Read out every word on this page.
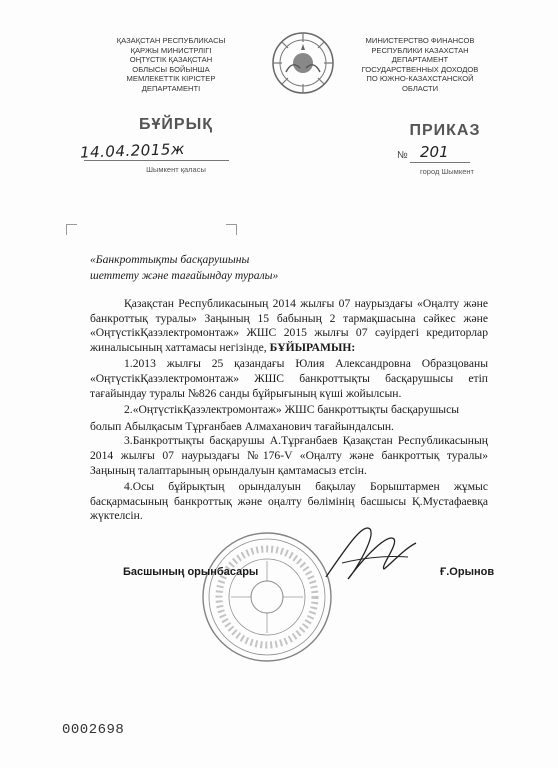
ҚАЗАҚСТАН РЕСПУБЛИКАСЫ
ҚАРЖЫ МИНИСТРЛІГІ
ОҢТҮСТІК ҚАЗАҚСТАН
ОБЛЫСЫ БОЙЫНША
МЕМЛЕКЕТТІК КІРІСТЕР
ДЕПАРТАМЕНТІ
МИНИСТЕРСТВО ФИНАНСОВ
РЕСПУБЛИКИ КАЗАХСТАН
ДЕПАРТАМЕНТ
ГОСУДАРСТВЕННЫХ ДОХОДОВ
ПО ЮЖНО-КАЗАХСТАНСКОЙ
ОБЛАСТИ
БҰЙРЫҚ	ПРИКАЗ
14.04.2015ж	№ 201
Шымкент қаласы	город Шымкент
«Банкроттықты басқарушыны
шеттету және тағайындау туралы»

Қазақстан Республикасының 2014 жылғы 07 наурыздағы «Оңалту және банкроттық туралы» Заңының 15 бабының 2 тармақшасына сәйкес және «ОңтүстікҚазэлектромонтаж» ЖШС 2015 жылғы 07 сәуірдегі кредиторлар жиналысының хаттамасы негізінде, БҰЙЫРАМЫН:

1.2013 жылғы 25 қазандағы Юлия Александровна Образцованы «ОңтүстікҚазэлектромонтаж» ЖШС банкроттықты басқарушысы етіп тағайындау туралы №826 санды бұйрығының күші жойылсын.

2.«ОңтүстікҚазэлектромонтаж» ЖШС банкроттықты басқарушысы

болып Абылқасым Тұрғанбаев Алмаханович тағайындалсын.

3.Банкроттықты басқарушы А.Тұрғанбаев Қазақстан Республикасының 2014 жылғы 07 наурыздағы №176-V «Оңалту және банкроттық туралы» Заңының талаптарының орындалуын қамтамасыз етсін.

4.Осы бұйрықтың орындалуын бақылау Борыштармен жұмыс басқармасының банкроттық және оңалту бөлімінің басшысы Қ.Мустафаевқа жүктелсін.

Басшының орынбасары	Ғ.Орынов
0002698
